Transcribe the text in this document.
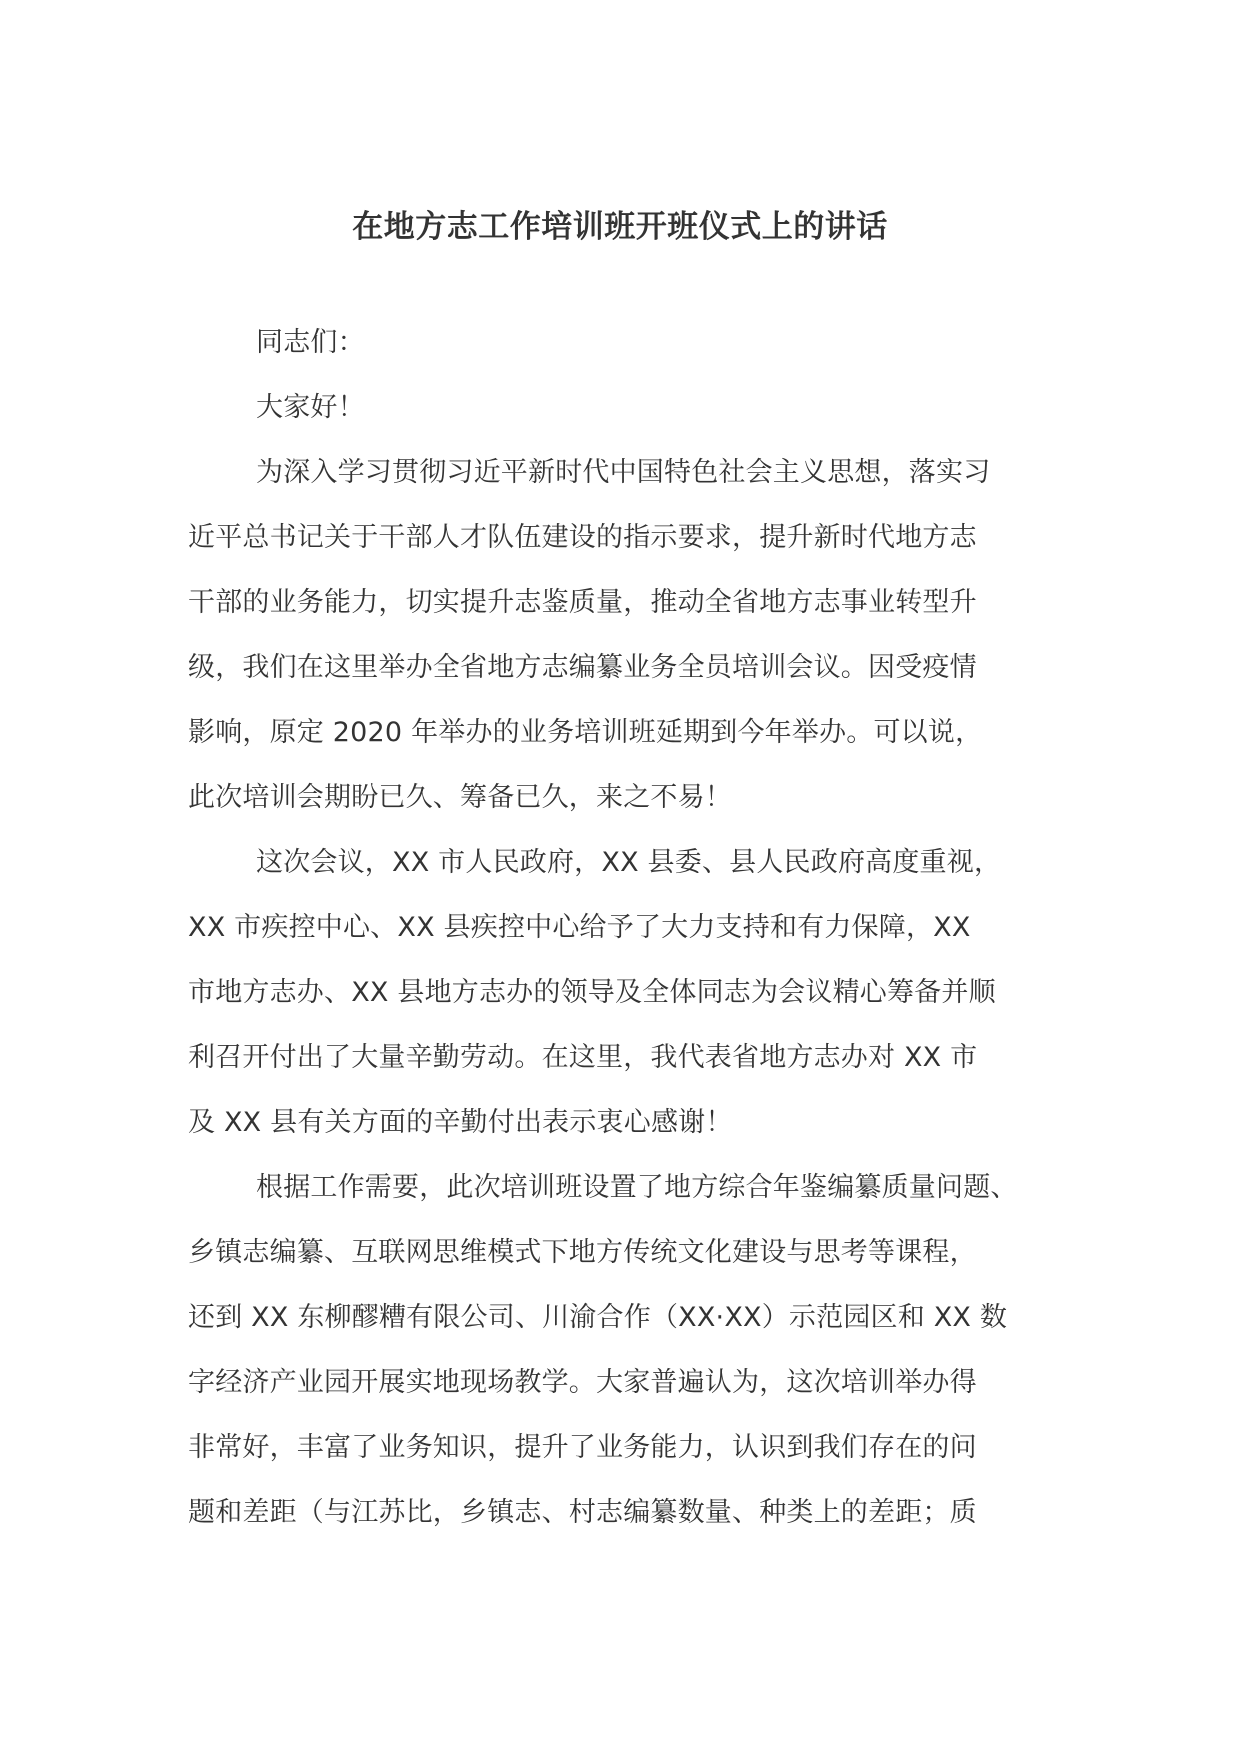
在地方志工作培训班开班仪式上的讲话
同志们：
大家好！
为深入学习贯彻习近平新时代中国特色社会主义思想，落实习
近平总书记关于干部人才队伍建设的指示要求，提升新时代地方志
干部的业务能力，切实提升志鉴质量，推动全省地方志事业转型升
级，我们在这里举办全省地方志编纂业务全员培训会议。因受疫情
影响，原定 2020 年举办的业务培训班延期到今年举办。可以说，
此次培训会期盼已久、筹备已久，来之不易！
这次会议，XX 市人民政府，XX 县委、县人民政府高度重视，
XX 市疾控中心、XX 县疾控中心给予了大力支持和有力保障，XX
市地方志办、XX 县地方志办的领导及全体同志为会议精心筹备并顺
利召开付出了大量辛勤劳动。在这里，我代表省地方志办对 XX 市
及 XX 县有关方面的辛勤付出表示衷心感谢！
根据工作需要，此次培训班设置了地方综合年鉴编纂质量问题、
乡镇志编纂、互联网思维模式下地方传统文化建设与思考等课程，
还到 XX 东柳醪糟有限公司、川渝合作（XX·XX）示范园区和 XX 数
字经济产业园开展实地现场教学。大家普遍认为，这次培训举办得
非常好，丰富了业务知识，提升了业务能力，认识到我们存在的问
题和差距（与江苏比，乡镇志、村志编纂数量、种类上的差距；质
